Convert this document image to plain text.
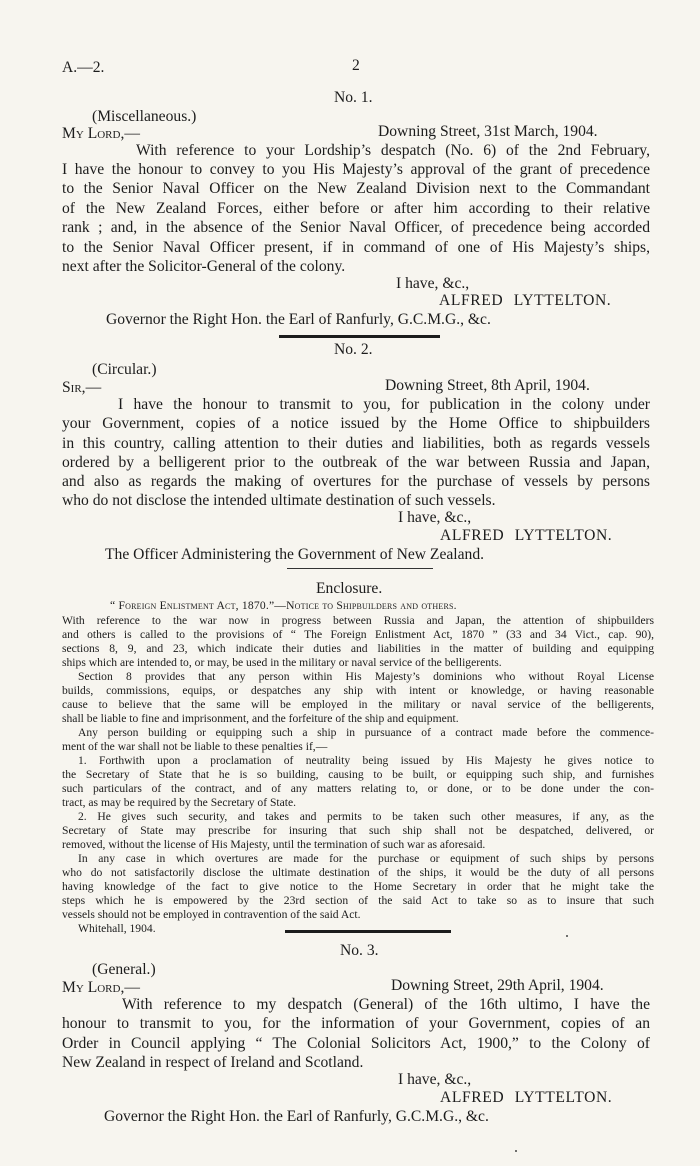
A.—2.	2
No. 1.
(Miscellaneous.)
My Lord,—	Downing Street, 31st March, 1904.
With reference to your Lordship’s despatch (No. 6) of the 2nd February,
I have the honour to convey to you His Majesty’s approval of the grant of precedence
to the Senior Naval Officer on the New Zealand Division next to the Commandant
of the New Zealand Forces, either before or after him according to their relative
rank ; and, in the absence of the Senior Naval Officer, of precedence being accorded
to the Senior Naval Officer present, if in command of one of His Majesty’s ships,
next after the Solicitor-General of the colony.
I have, &c.,
ALFRED LYTTELTON.
Governor the Right Hon. the Earl of Ranfurly, G.C.M.G., &c.
No. 2.
(Circular.)
Sir,—	Downing Street, 8th April, 1904.
I have the honour to transmit to you, for publication in the colony under
your Government, copies of a notice issued by the Home Office to shipbuilders
in this country, calling attention to their duties and liabilities, both as regards vessels
ordered by a belligerent prior to the outbreak of the war between Russia and Japan,
and also as regards the making of overtures for the purchase of vessels by persons
who do not disclose the intended ultimate destination of such vessels.
I have, &c.,
ALFRED LYTTELTON.
The Officer Administering the Government of New Zealand.
Enclosure.
“ Foreign Enlistment Act, 1870.”—Notice to Shipbuilders and others.
With reference to the war now in progress between Russia and Japan, the attention of shipbuilders
and others is called to the provisions of “ The Foreign Enlistment Act, 1870 ” (33 and 34 Vict., cap. 90),
sections 8, 9, and 23, which indicate their duties and liabilities in the matter of building and equipping
ships which are intended to, or may, be used in the military or naval service of the belligerents.
Section 8 provides that any person within His Majesty’s dominions who without Royal License
builds, commissions, equips, or despatches any ship with intent or knowledge, or having reasonable
cause to believe that the same will be employed in the military or naval service of the belligerents,
shall be liable to fine and imprisonment, and the forfeiture of the ship and equipment.
Any person building or equipping such a ship in pursuance of a contract made before the commence-
ment of the war shall not be liable to these penalties if,—
1. Forthwith upon a proclamation of neutrality being issued by His Majesty he gives notice to
the Secretary of State that he is so building, causing to be built, or equipping such ship, and furnishes
such particulars of the contract, and of any matters relating to, or done, or to be done under the con-
tract, as may be required by the Secretary of State.
2. He gives such security, and takes and permits to be taken such other measures, if any, as the
Secretary of State may prescribe for insuring that such ship shall not be despatched, delivered, or
removed, without the license of His Majesty, until the termination of such war as aforesaid.
In any case in which overtures are made for the purchase or equipment of such ships by persons
who do not satisfactorily disclose the ultimate destination of the ships, it would be the duty of all persons
having knowledge of the fact to give notice to the Home Secretary in order that he might take the
steps which he is empowered by the 23rd section of the said Act to take so as to insure that such
vessels should not be employed in contravention of the said Act.
Whitehall, 1904.
No. 3.
(General.)
My Lord,—	Downing Street, 29th April, 1904.
With reference to my despatch (General) of the 16th ultimo, I have the
honour to transmit to you, for the information of your Government, copies of an
Order in Council applying “ The Colonial Solicitors Act, 1900,” to the Colony of
New Zealand in respect of Ireland and Scotland.
I have, &c.,
ALFRED LYTTELTON.
Governor the Right Hon. the Earl of Ranfurly, G.C.M.G., &c.
